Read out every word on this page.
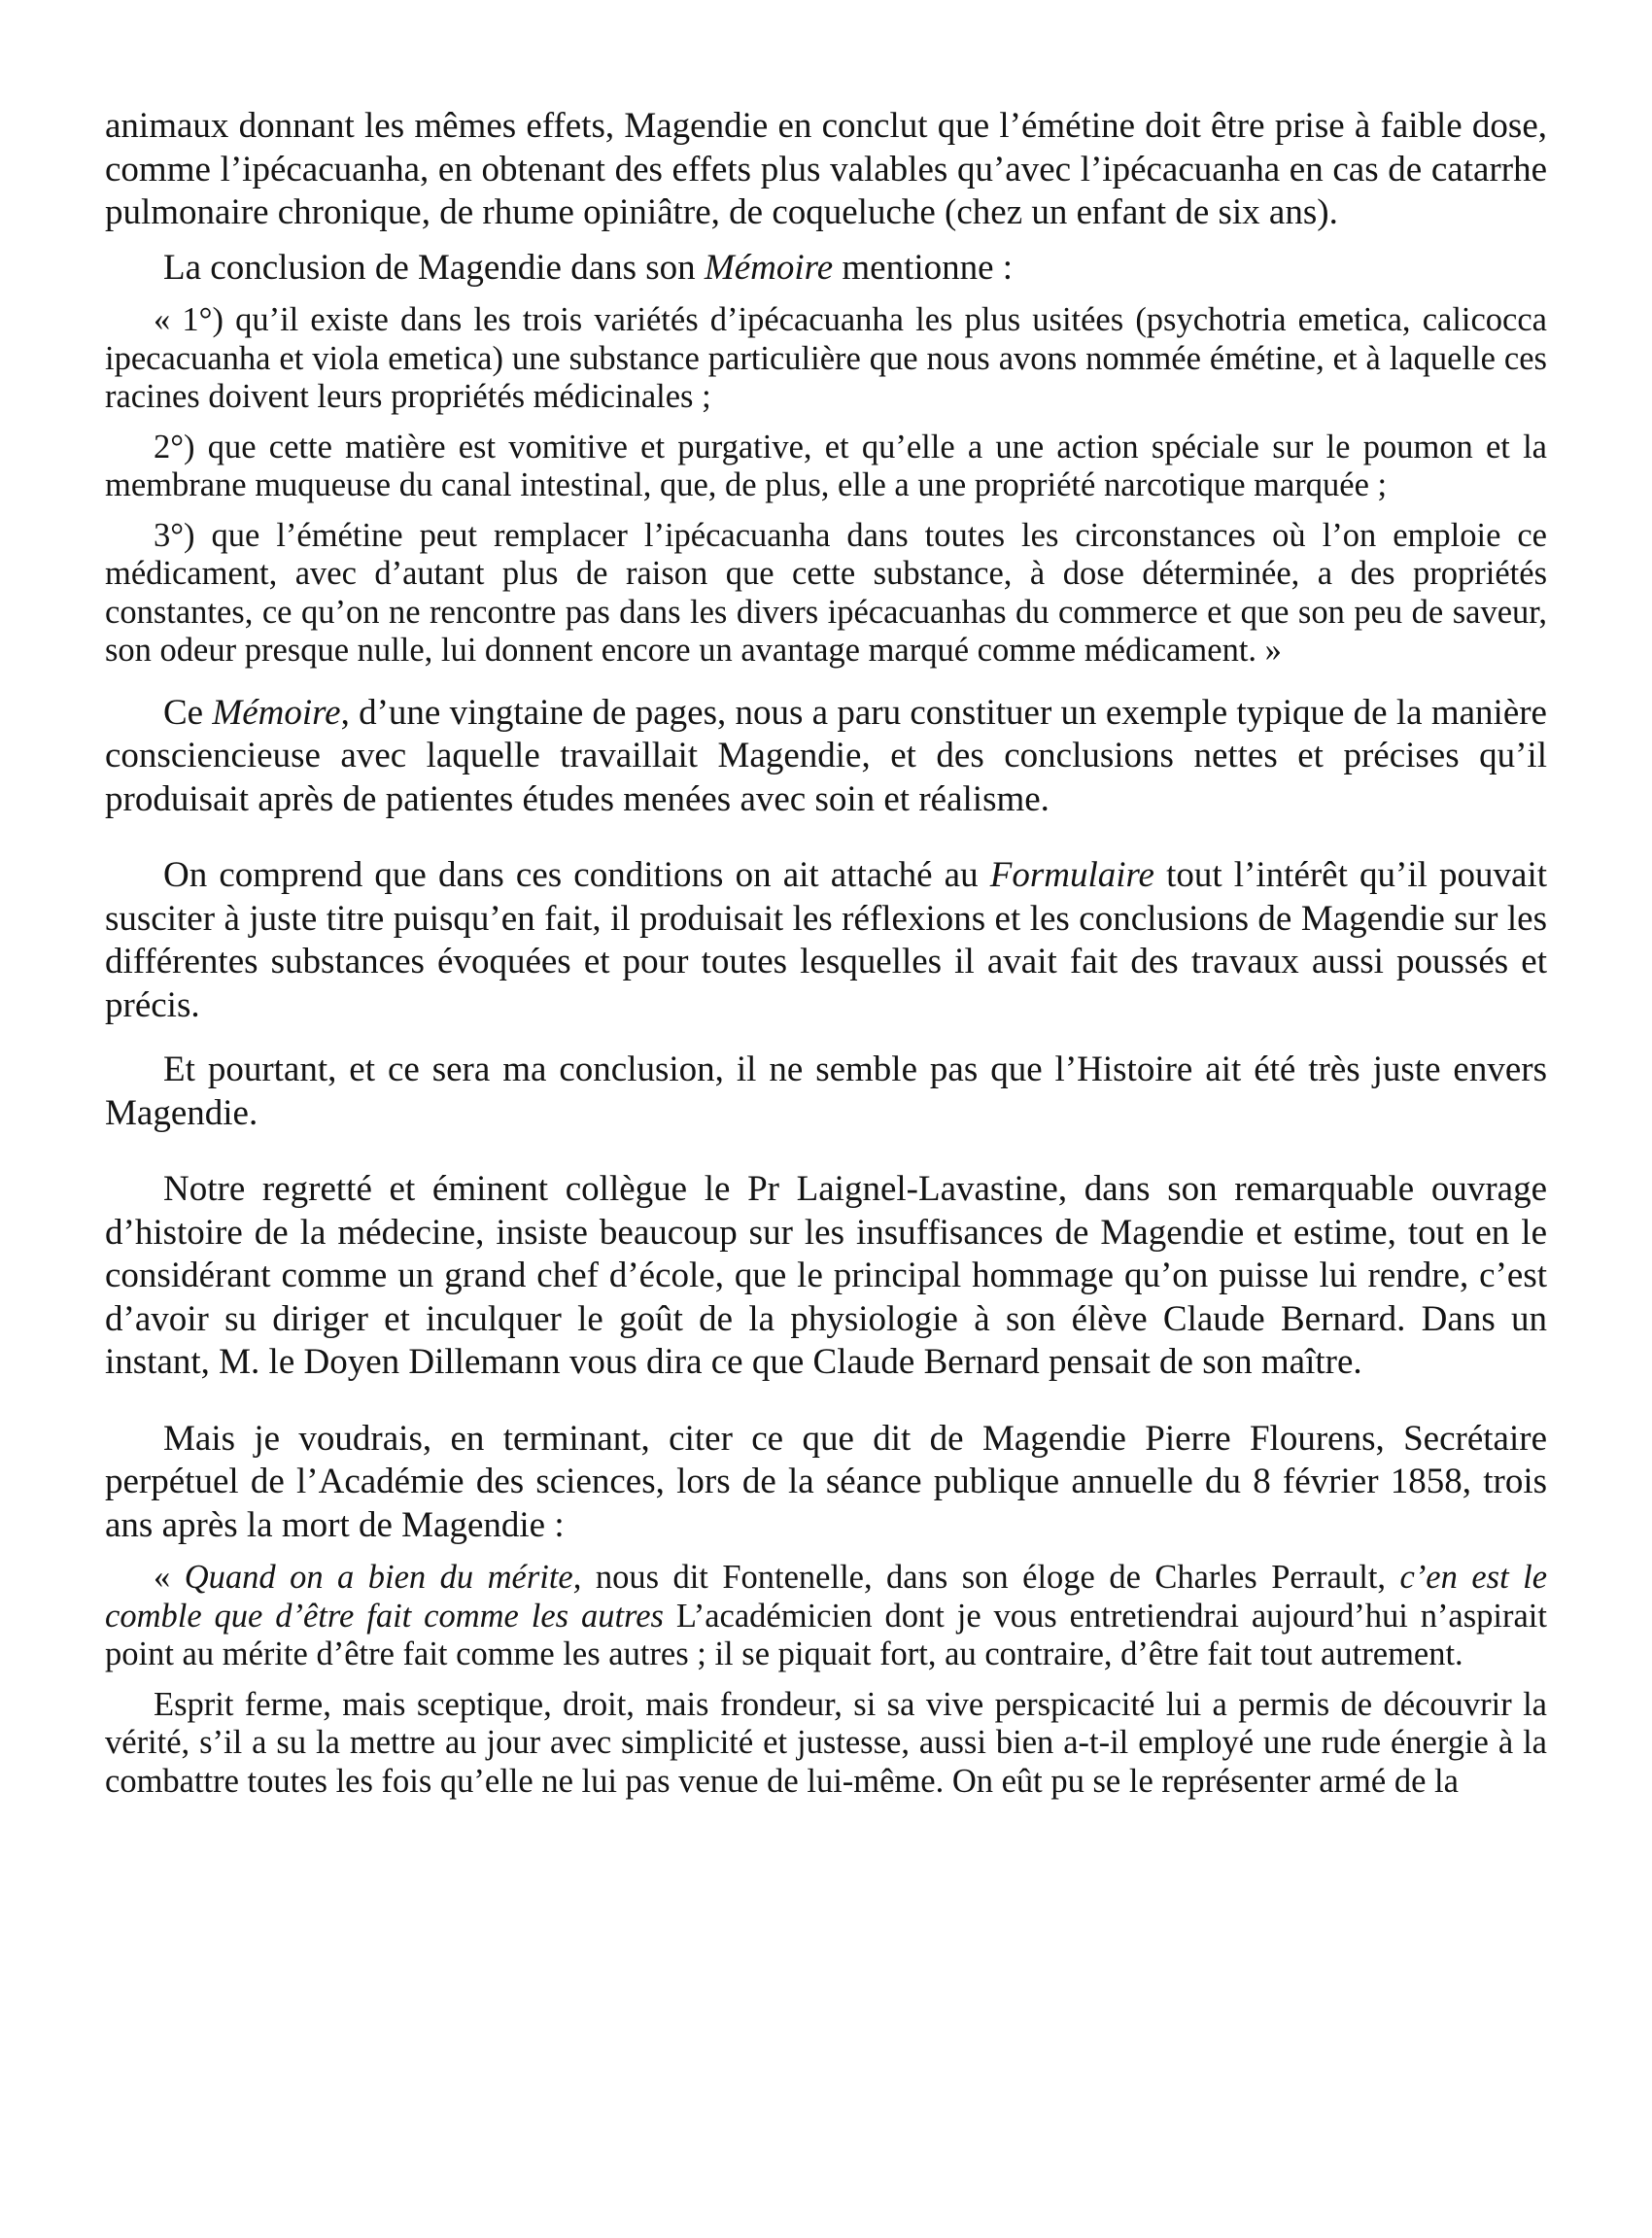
animaux donnant les mêmes effets, Magendie en conclut que l’émétine doit être prise à faible dose, comme l’ipécacuanha, en obtenant des effets plus valables qu’avec l’ipécacuanha en cas de catarrhe pulmonaire chronique, de rhume opiniâtre, de coqueluche (chez un enfant de six ans).

La conclusion de Magendie dans son Mémoire mentionne :

« 1°) qu’il existe dans les trois variétés d’ipécacuanha les plus usitées (psychotria emetica, calicocca ipecacuanha et viola emetica) une substance particulière que nous avons nommée émétine, et à laquelle ces racines doivent leurs propriétés médicinales ;

2°) que cette matière est vomitive et purgative, et qu’elle a une action spéciale sur le poumon et la membrane muqueuse du canal intestinal, que, de plus, elle a une propriété narcotique marquée ;

3°) que l’émétine peut remplacer l’ipécacuanha dans toutes les circonstances où l’on emploie ce médicament, avec d’autant plus de raison que cette substance, à dose déterminée, a des propriétés constantes, ce qu’on ne rencontre pas dans les divers ipécacuanhas du commerce et que son peu de saveur, son odeur presque nulle, lui donnent encore un avantage marqué comme médicament. »

Ce Mémoire, d’une vingtaine de pages, nous a paru constituer un exemple typique de la manière consciencieuse avec laquelle travaillait Magendie, et des conclusions nettes et précises qu’il produisait après de patientes études menées avec soin et réalisme.

On comprend que dans ces conditions on ait attaché au Formulaire tout l’intérêt qu’il pouvait susciter à juste titre puisqu’en fait, il produisait les réflexions et les conclusions de Magendie sur les différentes substances évoquées et pour toutes lesquelles il avait fait des travaux aussi poussés et précis.

Et pourtant, et ce sera ma conclusion, il ne semble pas que l’Histoire ait été très juste envers Magendie.

Notre regretté et éminent collègue le Pr Laignel-Lavastine, dans son remarquable ouvrage d’histoire de la médecine, insiste beaucoup sur les insuffisances de Magendie et estime, tout en le considérant comme un grand chef d’école, que le principal hommage qu’on puisse lui rendre, c’est d’avoir su diriger et inculquer le goût de la physiologie à son élève Claude Bernard. Dans un instant, M. le Doyen Dillemann vous dira ce que Claude Bernard pensait de son maître.

Mais je voudrais, en terminant, citer ce que dit de Magendie Pierre Flourens, Secrétaire perpétuel de l’Académie des sciences, lors de la séance publique annuelle du 8 février 1858, trois ans après la mort de Magendie :

« Quand on a bien du mérite, nous dit Fontenelle, dans son éloge de Charles Perrault, c’en est le comble que d’être fait comme les autres L’académicien dont je vous entretiendrai aujourd’hui n’aspirait point au mérite d’être fait comme les autres ; il se piquait fort, au contraire, d’être fait tout autrement.

Esprit ferme, mais sceptique, droit, mais frondeur, si sa vive perspicacité lui a permis de découvrir la vérité, s’il a su la mettre au jour avec simplicité et justesse, aussi bien a-t-il employé une rude énergie à la combattre toutes les fois qu’elle ne lui pas venue de lui-même. On eût pu se le représenter armé de la
